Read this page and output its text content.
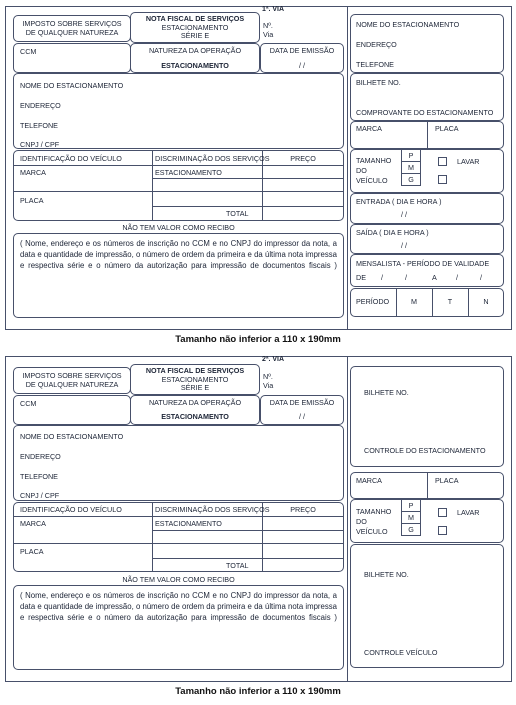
1ª. VIA
IMPOSTO SOBRE SERVIÇOS
DE QUALQUER NATUREZA
NOTA FISCAL DE SERVIÇOS
ESTACIONAMENTO
SÉRIE E
Nº.
Via
CCM	NATUREZA DA OPERAÇÃO
ESTACIONAMENTO
DATA DE EMISSÃO
/ /
NOME DO ESTACIONAMENTO
ENDEREÇO
TELEFONE
CNPJ / CPF
IDENTIFICAÇÃO DO VEÍCULO	DISCRIMINAÇÃO DOS SERVIÇOS	PREÇO
MARCA	ESTACIONAMENTO
PLACA
TOTAL
NÃO TEM VALOR COMO RECIBO
( Nome, endereço e os números de inscrição no CCM e no CNPJ do impressor da nota, a data e quantidade de impressão, o número de ordem da primeira e da última nota impressa e respectiva série e o número da autorização para impressão de documentos fiscais )
NOME DO ESTACIONAMENTO
ENDEREÇO
TELEFONE
BILHETE NO.
COMPROVANTE DO ESTACIONAMENTO
MARCA	PLACA
TAMANHO
DO
VEÍCULO
P
M
G
LAVAR
ENTRADA ( DIA E HORA )
/ /
SAÍDA ( DIA E HORA )
/ /
MENSALISTA - PERÍODO DE VALIDADE
DE	A
/	/	/	/
PERÍODO	M	T	N
Tamanho não inferior a 110 x 190mm
2ª. VIA
IMPOSTO SOBRE SERVIÇOS
DE QUALQUER NATUREZA
NOTA FISCAL DE SERVIÇOS
ESTACIONAMENTO
SÉRIE E
Nº.
Via
CCM	NATUREZA DA OPERAÇÃO
ESTACIONAMENTO
DATA DE EMISSÃO
/ /
NOME DO ESTACIONAMENTO
ENDEREÇO
TELEFONE
CNPJ / CPF
IDENTIFICAÇÃO DO VEÍCULO	DISCRIMINAÇÃO DOS SERVIÇOS	PREÇO
MARCA	ESTACIONAMENTO
PLACA
TOTAL
NÃO TEM VALOR COMO RECIBO
( Nome, endereço e os números de inscrição no CCM e no CNPJ do impressor da nota, a data e quantidade de impressão, o número de ordem da primeira e da última nota impressa e respectiva série e o número da autorização para impressão de documentos fiscais )
BILHETE NO.
CONTROLE DO ESTACIONAMENTO
MARCA	PLACA
TAMANHO
DO
VEÍCULO
P
M
G
LAVAR
BILHETE NO.
CONTROLE VEÍCULO
Tamanho não inferior a 110 x 190mm
